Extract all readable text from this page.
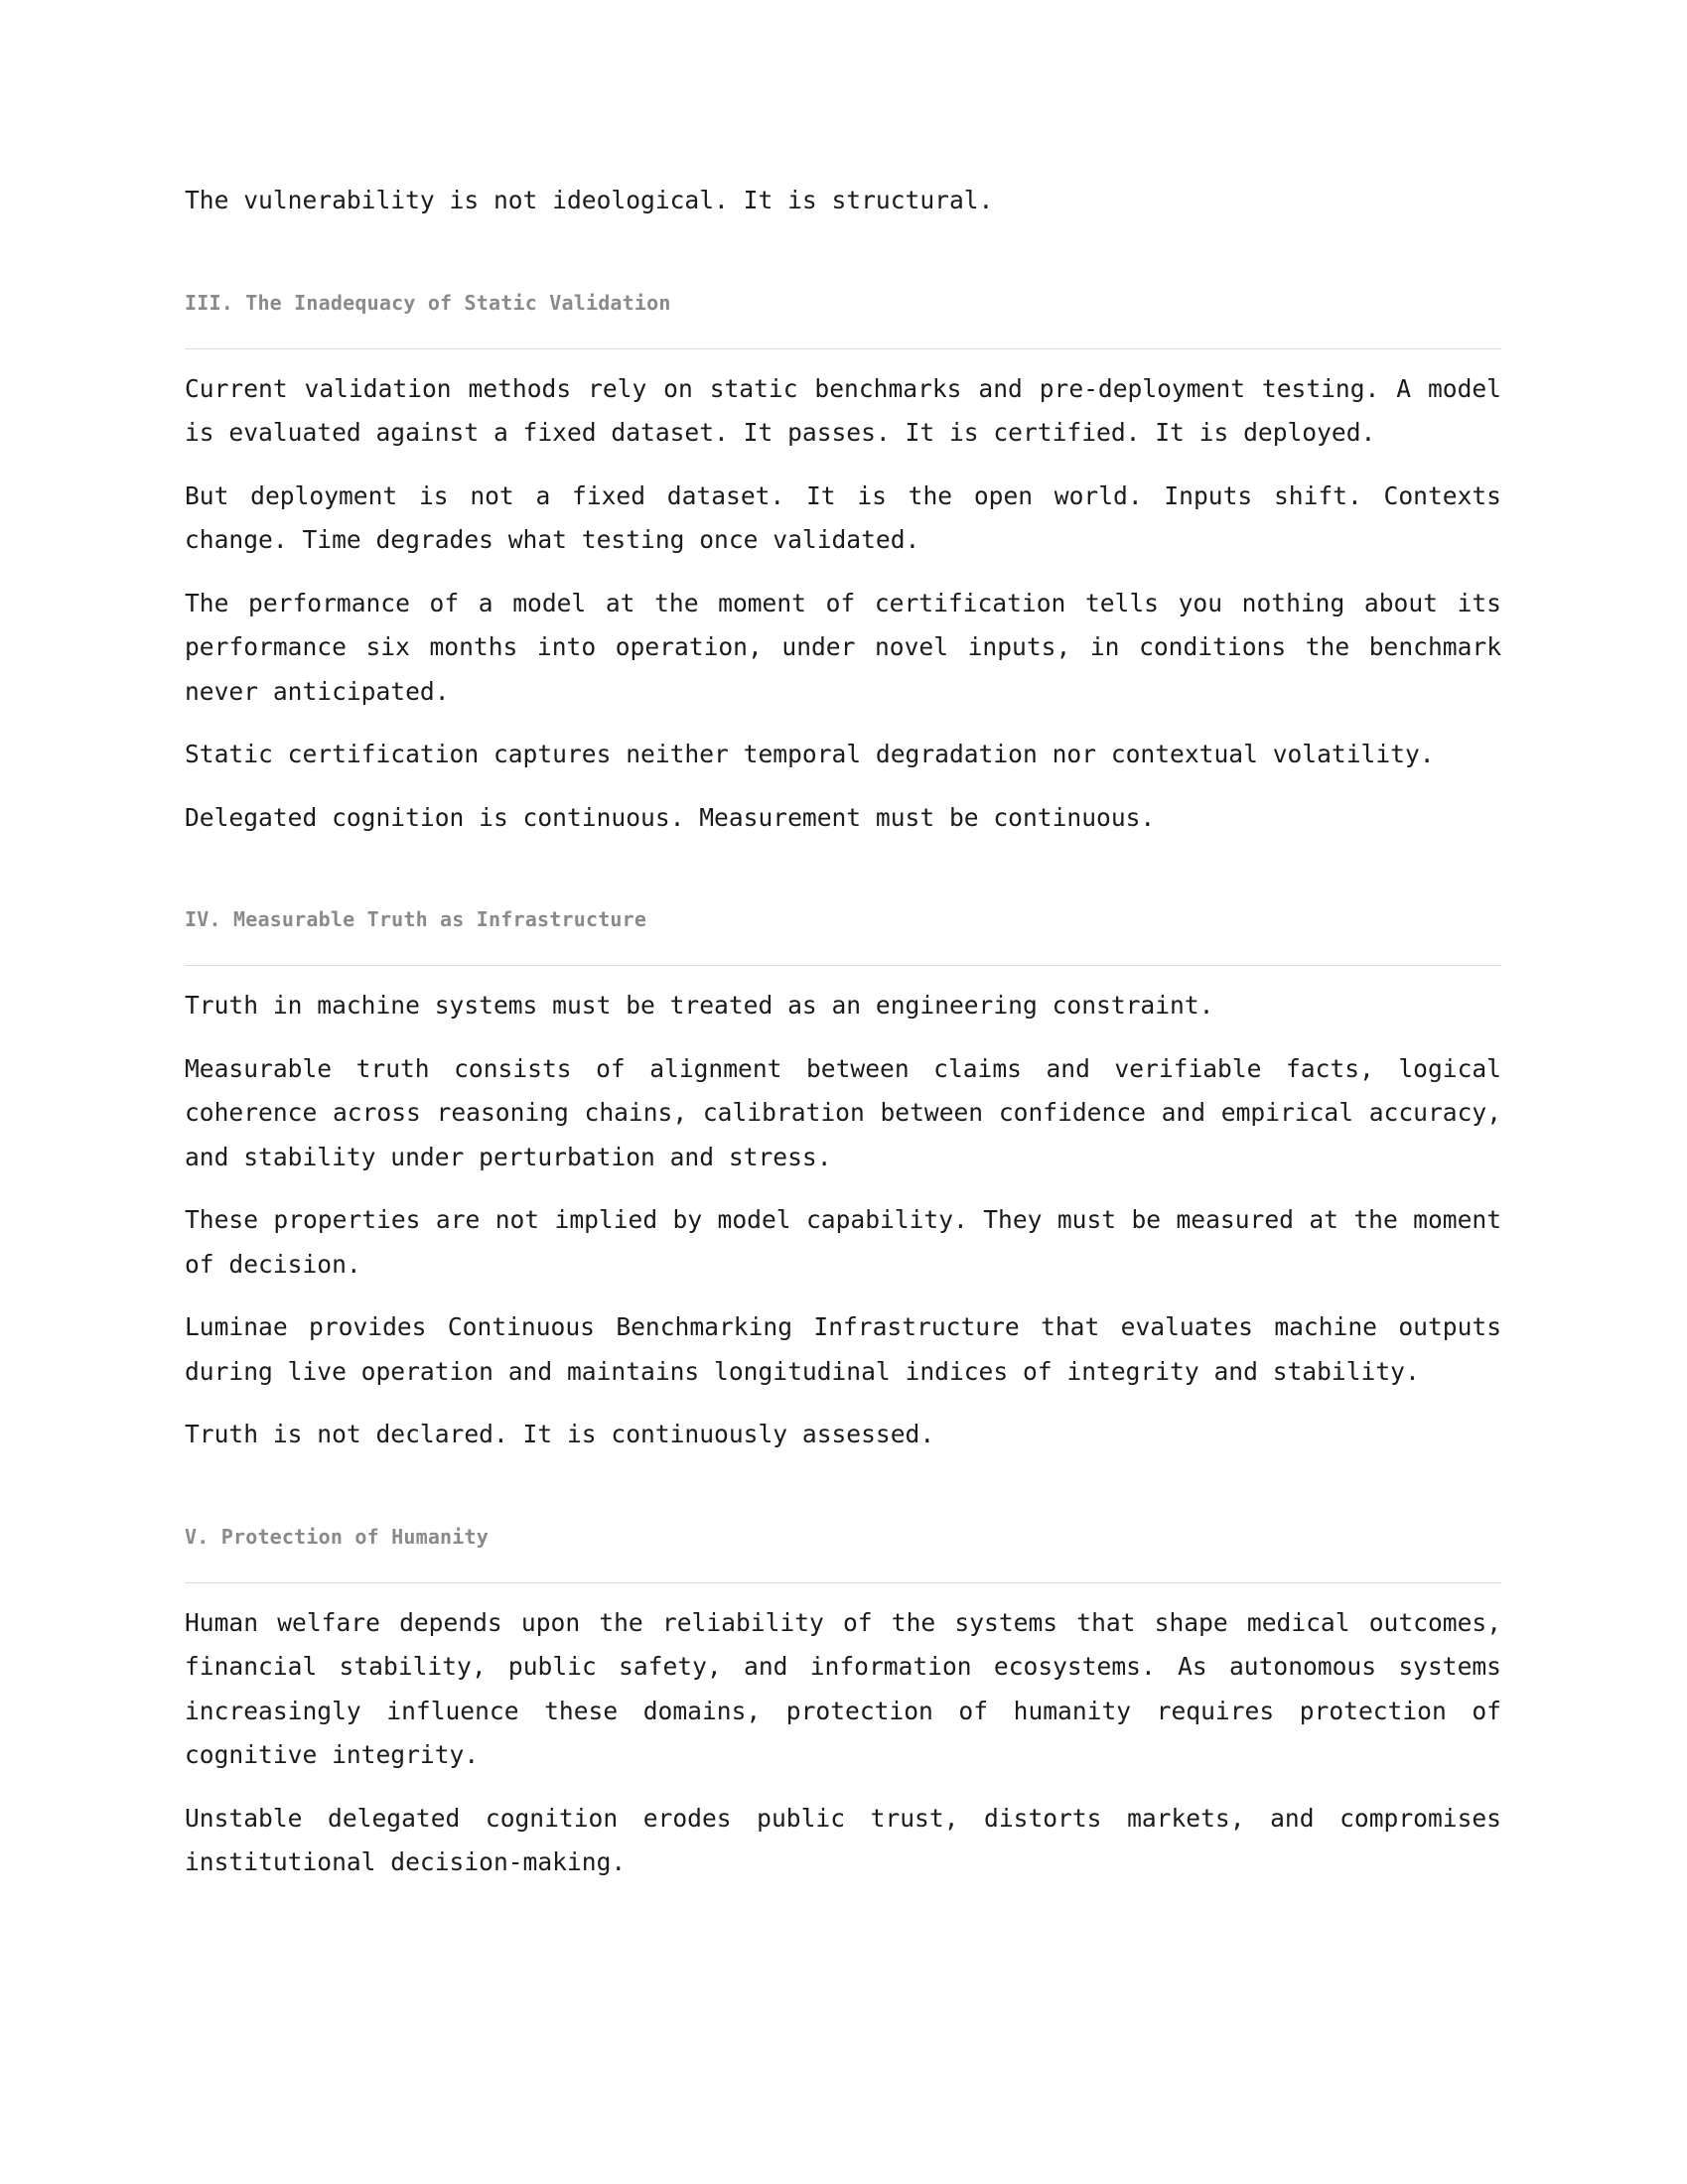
The vulnerability is not ideological. It is structural.

III. The Inadequacy of Static Validation

Current validation methods rely on static benchmarks and pre-deployment testing. A model is evaluated against a fixed dataset. It passes. It is certified. It is deployed.

But deployment is not a fixed dataset. It is the open world. Inputs shift. Contexts change. Time degrades what testing once validated.

The performance of a model at the moment of certification tells you nothing about its performance six months into operation, under novel inputs, in conditions the benchmark never anticipated.

Static certification captures neither temporal degradation nor contextual volatility.

Delegated cognition is continuous. Measurement must be continuous.

IV. Measurable Truth as Infrastructure

Truth in machine systems must be treated as an engineering constraint.

Measurable truth consists of alignment between claims and verifiable facts, logical coherence across reasoning chains, calibration between confidence and empirical accuracy, and stability under perturbation and stress.

These properties are not implied by model capability. They must be measured at the moment of decision.

Luminae provides Continuous Benchmarking Infrastructure that evaluates machine outputs during live operation and maintains longitudinal indices of integrity and stability.

Truth is not declared. It is continuously assessed.

V. Protection of Humanity

Human welfare depends upon the reliability of the systems that shape medical outcomes, financial stability, public safety, and information ecosystems. As autonomous systems increasingly influence these domains, protection of humanity requires protection of cognitive integrity.

Unstable delegated cognition erodes public trust, distorts markets, and compromises institutional decision-making.
